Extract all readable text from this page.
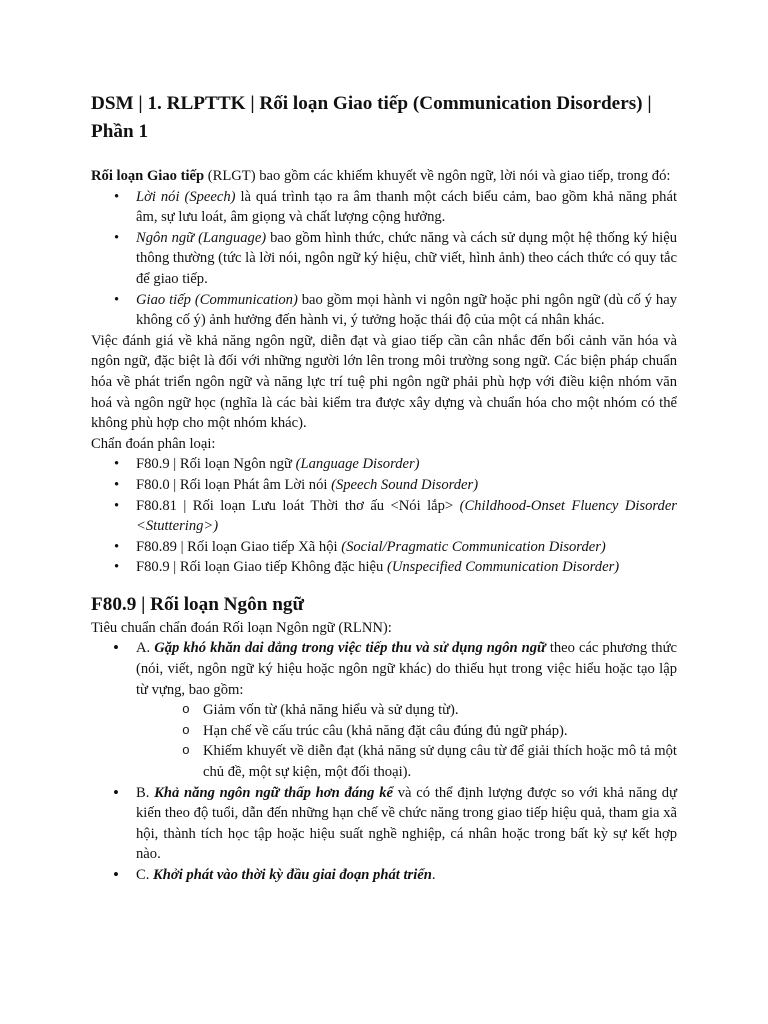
DSM | 1. RLPTTK | Rối loạn Giao tiếp (Communication Disorders) | Phần 1

Rối loạn Giao tiếp (RLGT) bao gồm các khiếm khuyết về ngôn ngữ, lời nói và giao tiếp, trong đó:

• Lời nói (Speech) là quá trình tạo ra âm thanh một cách biểu cảm, bao gồm khả năng phát âm, sự lưu loát, âm giọng và chất lượng cộng hưởng.
• Ngôn ngữ (Language) bao gồm hình thức, chức năng và cách sử dụng một hệ thống ký hiệu thông thường (tức là lời nói, ngôn ngữ ký hiệu, chữ viết, hình ảnh) theo cách thức có quy tắc để giao tiếp.
• Giao tiếp (Communication) bao gồm mọi hành vi ngôn ngữ hoặc phi ngôn ngữ (dù cố ý hay không cố ý) ảnh hưởng đến hành vi, ý tưởng hoặc thái độ của một cá nhân khác.

Việc đánh giá về khả năng ngôn ngữ, diễn đạt và giao tiếp cần cân nhắc đến bối cảnh văn hóa và ngôn ngữ, đặc biệt là đối với những người lớn lên trong môi trường song ngữ. Các biện pháp chuẩn hóa về phát triển ngôn ngữ và năng lực trí tuệ phi ngôn ngữ phải phù hợp với điều kiện nhóm văn hoá và ngôn ngữ học (nghĩa là các bài kiểm tra được xây dựng và chuẩn hóa cho một nhóm có thể không phù hợp cho một nhóm khác).

Chẩn đoán phân loại:

• F80.9 | Rối loạn Ngôn ngữ (Language Disorder)
• F80.0 | Rối loạn Phát âm Lời nói (Speech Sound Disorder)
• F80.81 | Rối loạn Lưu loát Thời thơ ấu <Nói lắp> (Childhood-Onset Fluency Disorder <Stuttering>)
• F80.89 | Rối loạn Giao tiếp Xã hội (Social/Pragmatic Communication Disorder)
• F80.9 | Rối loạn Giao tiếp Không đặc hiệu (Unspecified Communication Disorder)
F80.9 | Rối loạn Ngôn ngữ

Tiêu chuẩn chẩn đoán Rối loạn Ngôn ngữ (RLNN):

• A. Gặp khó khăn dai dẳng trong việc tiếp thu và sử dụng ngôn ngữ theo các phương thức (nói, viết, ngôn ngữ ký hiệu hoặc ngôn ngữ khác) do thiếu hụt trong việc hiểu hoặc tạo lập từ vựng, bao gồm:
o Giảm vốn từ (khả năng hiểu và sử dụng từ).
o Hạn chế về cấu trúc câu (khả năng đặt câu đúng đủ ngữ pháp).
o Khiếm khuyết về diễn đạt (khả năng sử dụng câu từ để giải thích hoặc mô tả một chủ đề, một sự kiện, một đối thoại).
• B. Khả năng ngôn ngữ thấp hơn đáng kể và có thể định lượng được so với khả năng dự kiến theo độ tuổi, dẫn đến những hạn chế về chức năng trong giao tiếp hiệu quả, tham gia xã hội, thành tích học tập hoặc hiệu suất nghề nghiệp, cá nhân hoặc trong bất kỳ sự kết hợp nào.
• C. Khởi phát vào thời kỳ đầu giai đoạn phát triển.
